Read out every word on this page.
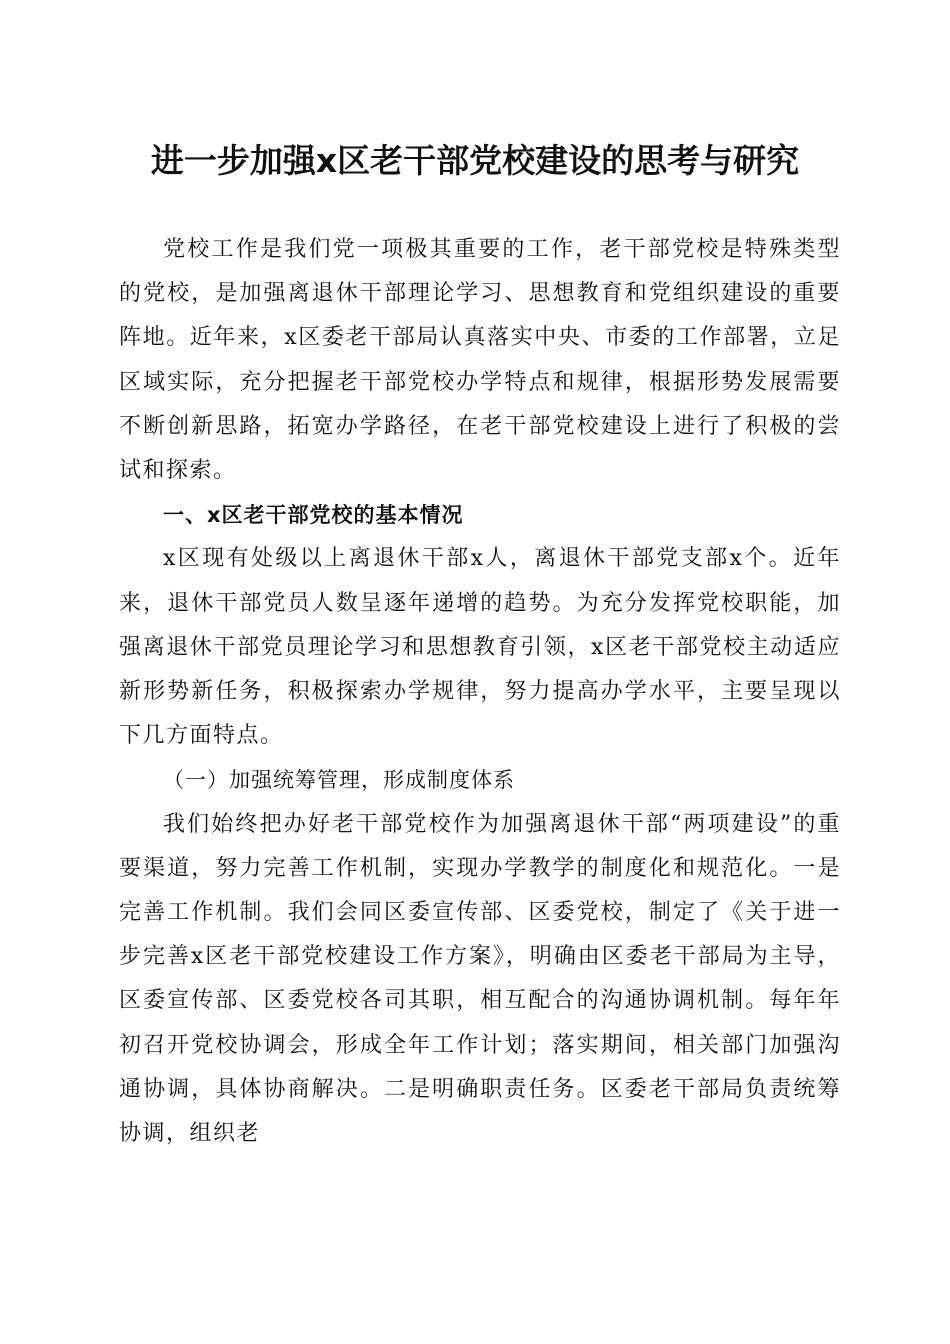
进一步加强x区老干部党校建设的思考与研究

党校工作是我们党一项极其重要的工作，老干部党校是特殊类型的党校，是加强离退休干部理论学习、思想教育和党组织建设的重要阵地。近年来，x区委老干部局认真落实中央、市委的工作部署，立足区域实际，充分把握老干部党校办学特点和规律，根据形势发展需要不断创新思路，拓宽办学路径，在老干部党校建设上进行了积极的尝试和探索。

一、x区老干部党校的基本情况

x区现有处级以上离退休干部x人，离退休干部党支部x个。近年来，退休干部党员人数呈逐年递增的趋势。为充分发挥党校职能，加强离退休干部党员理论学习和思想教育引领，x区老干部党校主动适应新形势新任务，积极探索办学规律，努力提高办学水平，主要呈现以下几方面特点。

（一）加强统筹管理，形成制度体系

我们始终把办好老干部党校作为加强离退休干部“两项建设”的重要渠道，努力完善工作机制，实现办学教学的制度化和规范化。一是完善工作机制。我们会同区委宣传部、区委党校，制定了《关于进一步完善x区老干部党校建设工作方案》，明确由区委老干部局为主导，区委宣传部、区委党校各司其职，相互配合的沟通协调机制。每年年初召开党校协调会，形成全年工作计划；落实期间，相关部门加强沟通协调，具体协商解决。二是明确职责任务。区委老干部局负责统筹协调，组织老
